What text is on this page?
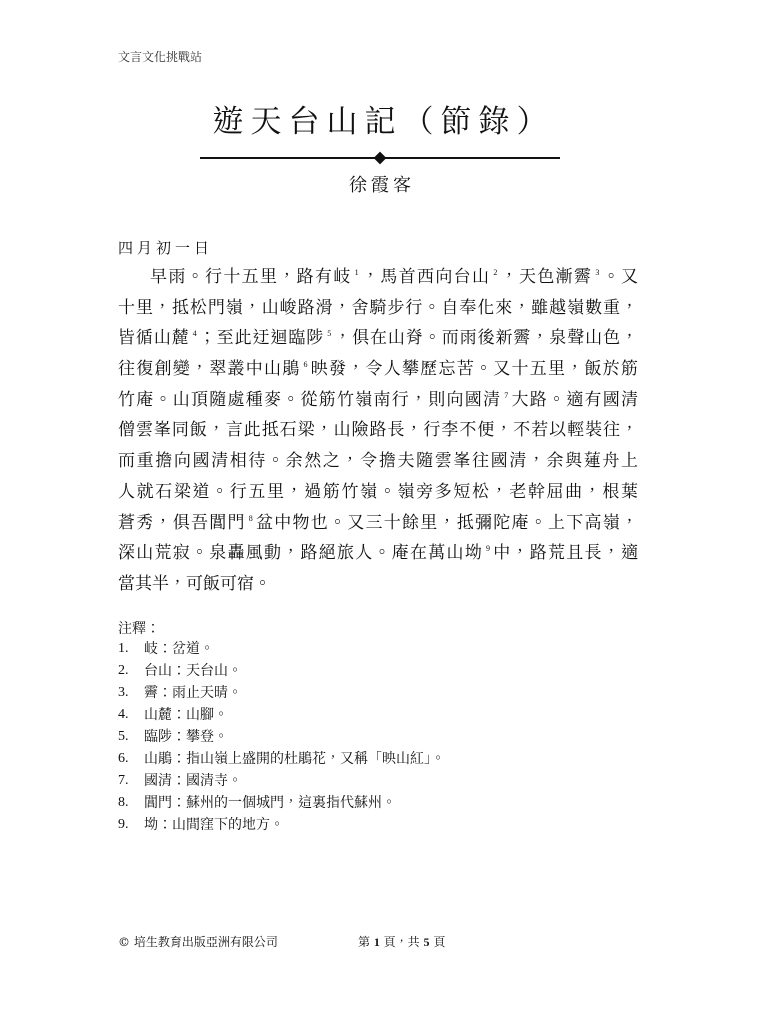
文言文化挑戰站
遊天台山記（節錄）
徐霞客
四月初一日
早雨。行十五里，路有岐 $^1$ ，馬首西向台山 $^2$ ，天色漸霽 $^3$ 。又
十里，抵松門嶺，山峻路滑，舍騎步行。自奉化來，雖越嶺數重，
皆循山麓 $^4$ ；至此迂迴臨陟 $^5$ ，俱在山脊。而雨後新霽，泉聲山色，
往復創變，翠叢中山鵑 $^6$ 映發，令人攀歷忘苦。又十五里，飯於筋
竹庵。山頂隨處種麥。從筋竹嶺南行，則向國清 $^7$ 大路。適有國清
僧雲峯同飯，言此抵石梁，山險路長，行李不便，不若以輕裝往，
而重擔向國清相待。余然之，令擔夫隨雲峯往國清，余與蓮舟上
人就石梁道。行五里，過筋竹嶺。嶺旁多短松，老幹屈曲，根葉
蒼秀，俱吾閶門 $^8$ 盆中物也。又三十餘里，抵彌陀庵。上下高嶺，
深山荒寂。泉轟風動，路絕旅人。庵在萬山坳 $^9$ 中，路荒且長，適
當其半，可飯可宿。
注釋：
1. 岐：岔道。
2. 台山：天台山。
3. 霽：雨止天晴。
4. 山麓：山腳。
5. 臨陟：攀登。
6. 山鵑：指山嶺上盛開的杜鵑花，又稱「映山紅」。
7. 國清：國清寺。
8. 閶門：蘇州的一個城門，這裏指代蘇州。
9. 坳：山間窪下的地方。
© 培生教育出版亞洲有限公司	第 1 頁，共 5 頁
